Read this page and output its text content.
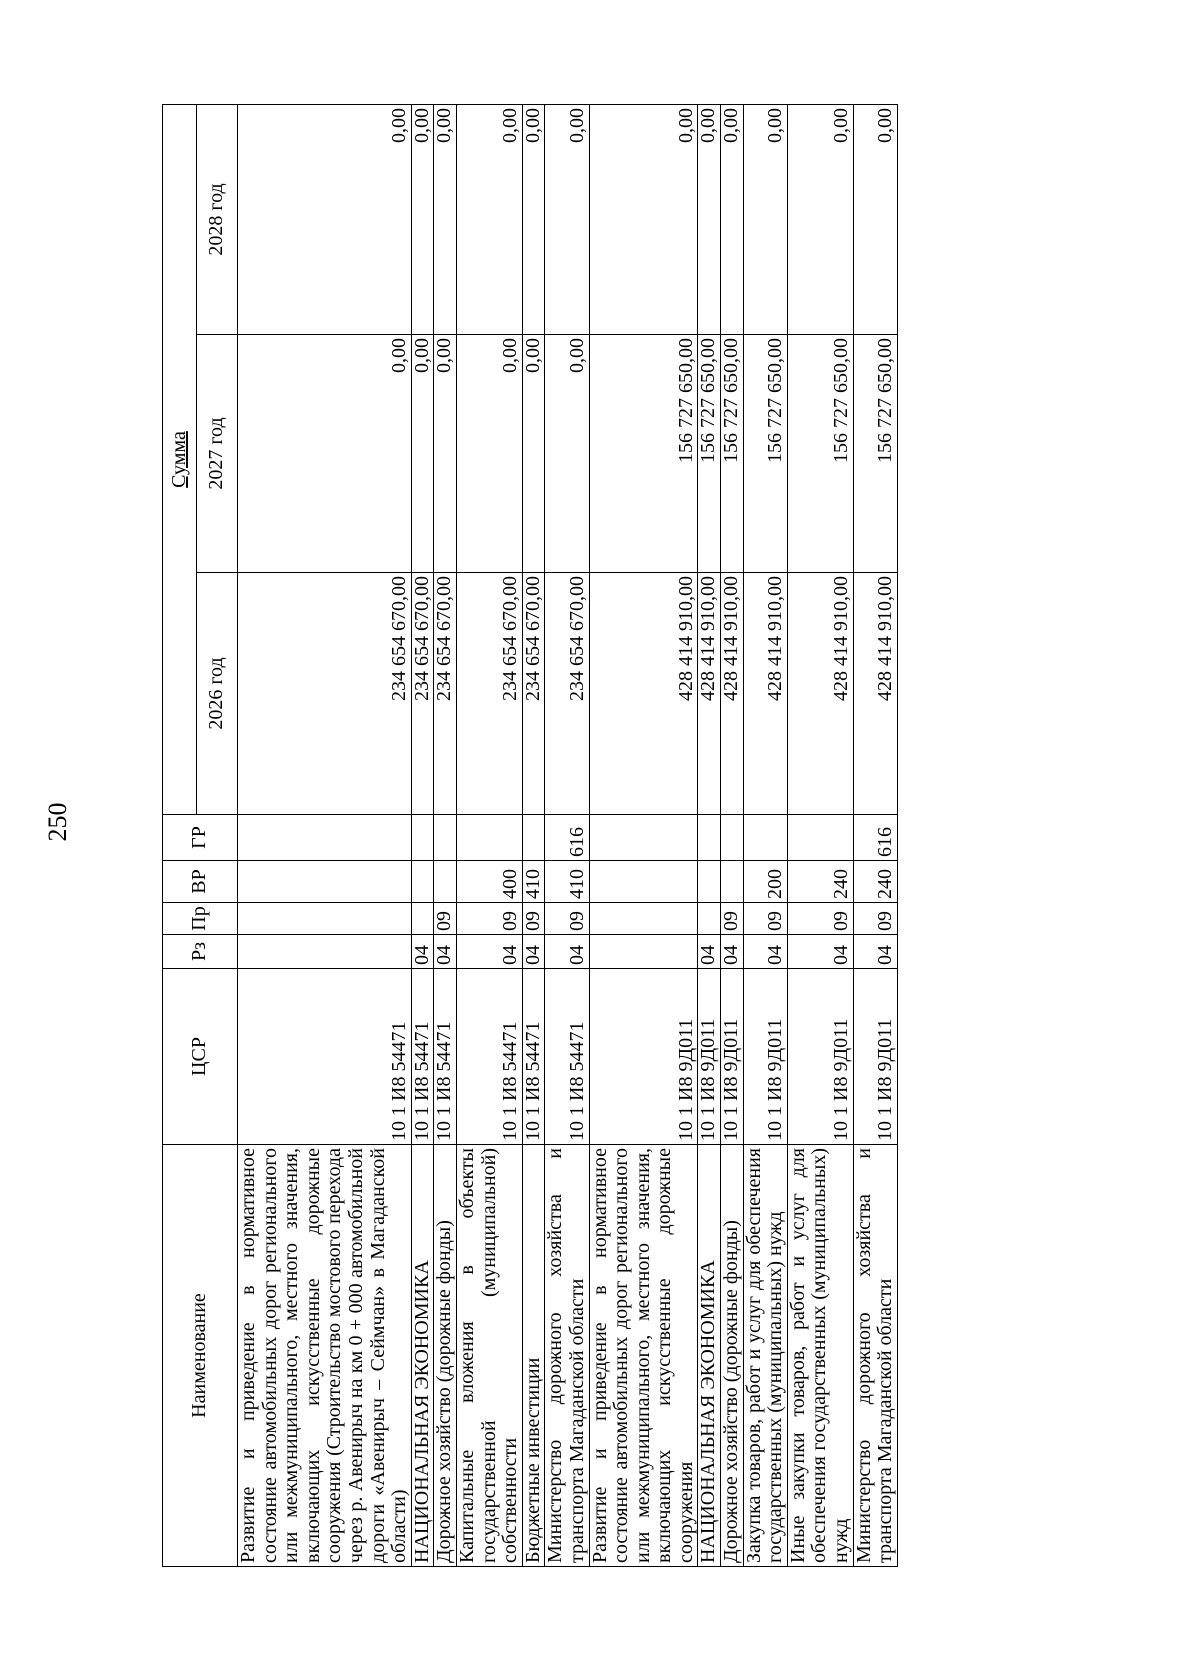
250
Наименование	ЦСР	Рз	Пр	ВР	ГР	Сумма		
						2026 год	2027 год	2028 год
Развитие и приведение в нормативное состояние автомобильных дорог регионального или межмуниципального, местного значения, включающих искусственные дорожные сооружения (Строительство мостового перехода через р. Авенирыч на км 0 + 000 автомобильной дороги «Авенирыч – Сеймчан» в Магаданской области)	10 1 И8 54471					234 654 670,00	0,00	0,00
НАЦИОНАЛЬНАЯ ЭКОНОМИКА	10 1 И8 54471	04				234 654 670,00	0,00	0,00
Дорожное хозяйство (дорожные фонды)	10 1 И8 54471	04	09			234 654 670,00	0,00	0,00
Капитальные вложения в объекты государственной (муниципальной) собственности	10 1 И8 54471	04	09	400		234 654 670,00	0,00	0,00
Бюджетные инвестиции	10 1 И8 54471	04	09	410		234 654 670,00	0,00	0,00
Министерство дорожного хозяйства и транспорта Магаданской области	10 1 И8 54471	04	09	410	616	234 654 670,00	0,00	0,00
Развитие и приведение в нормативное состояние автомобильных дорог регионального или межмуниципального, местного значения, включающих искусственные дорожные сооружения	10 1 И8 9Д011					428 414 910,00	156 727 650,00	0,00
НАЦИОНАЛЬНАЯ ЭКОНОМИКА	10 1 И8 9Д011	04				428 414 910,00	156 727 650,00	0,00
Дорожное хозяйство (дорожные фонды)	10 1 И8 9Д011	04	09			428 414 910,00	156 727 650,00	0,00
Закупка товаров, работ и услуг для обеспечения государственных (муниципальных) нужд	10 1 И8 9Д011	04	09	200		428 414 910,00	156 727 650,00	0,00
Иные закупки товаров, работ и услуг для обеспечения государственных (муниципальных) нужд	10 1 И8 9Д011	04	09	240		428 414 910,00	156 727 650,00	0,00
Министерство дорожного хозяйства и транспорта Магаданской области	10 1 И8 9Д011	04	09	240	616	428 414 910,00	156 727 650,00	0,00
